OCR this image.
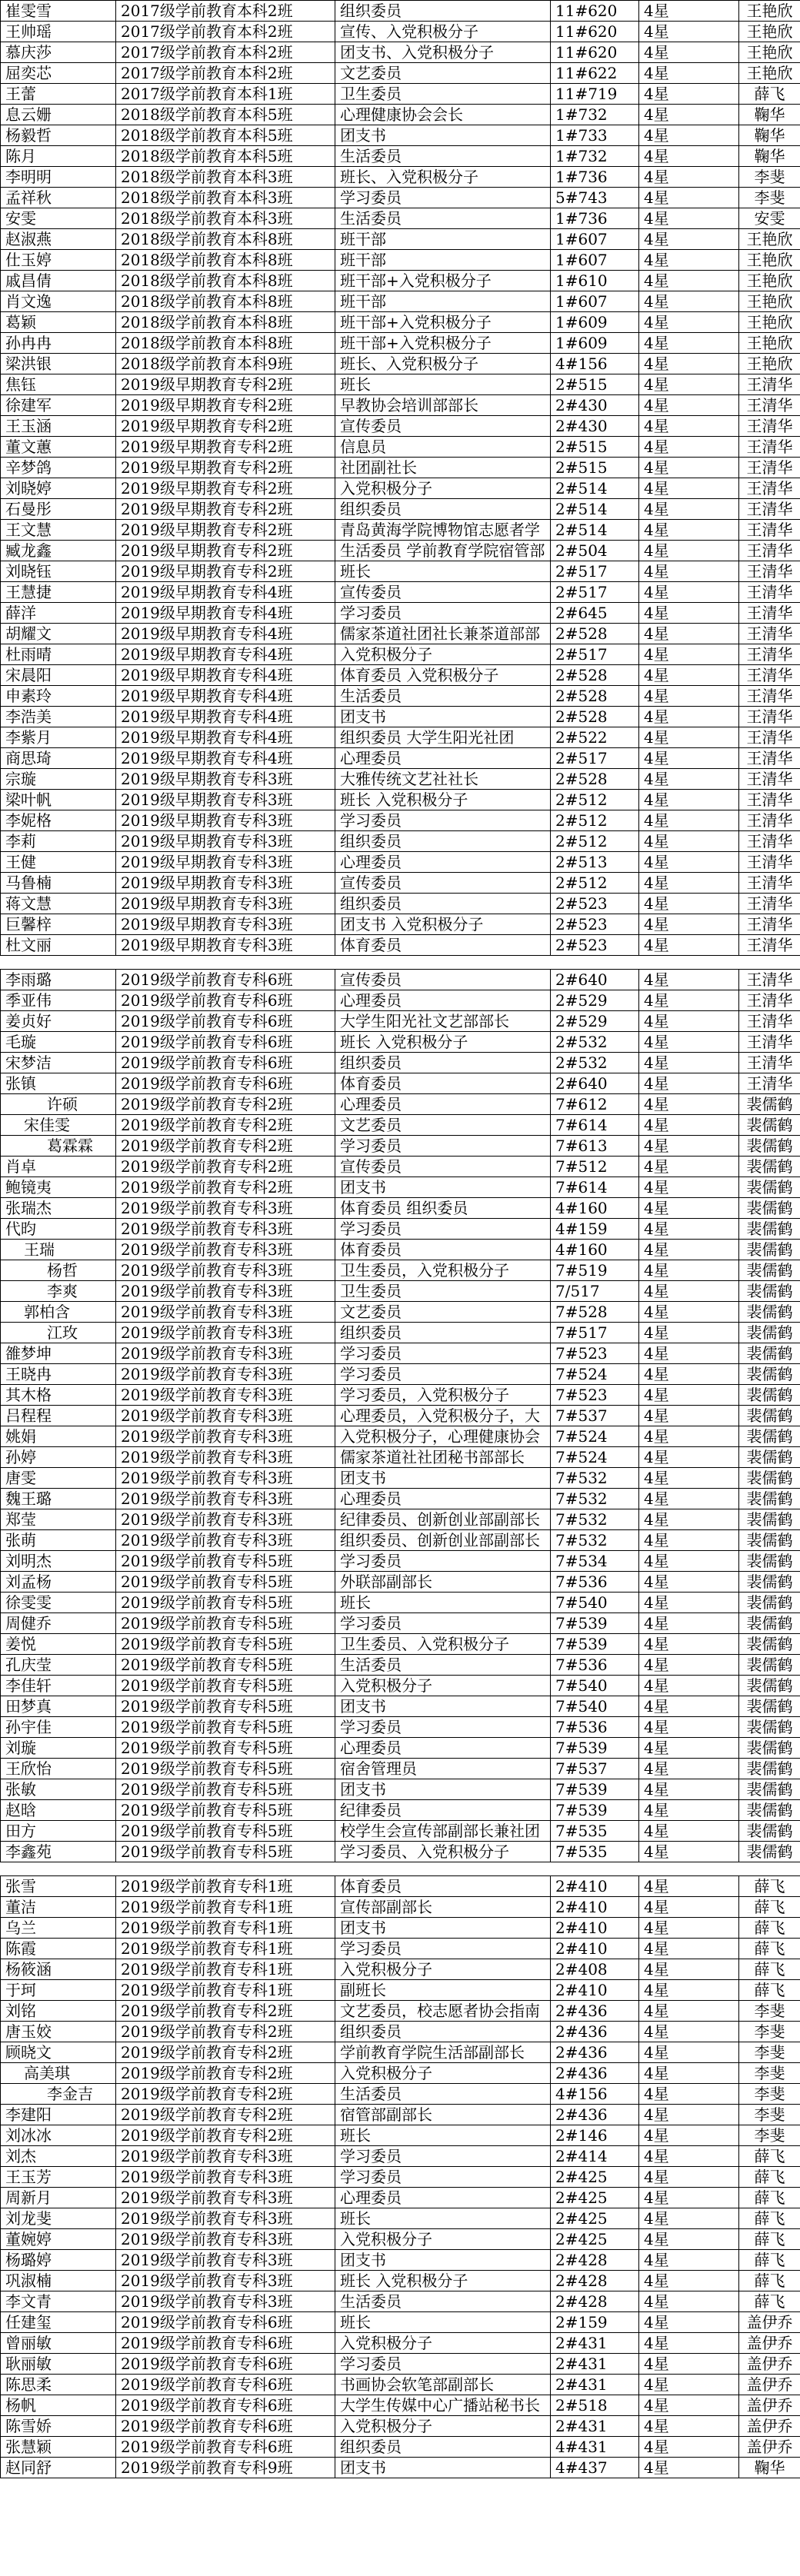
崔雯雪	2017级学前教育本科2班	组织委员	11#620	4星	王艳欣
王帅瑶	2017级学前教育本科2班	宣传、入党积极分子	11#620	4星	王艳欣
慕庆莎	2017级学前教育本科2班	团支书、入党积极分子	11#620	4星	王艳欣
屈奕芯	2017级学前教育本科2班	文艺委员	11#622	4星	王艳欣
王蕾	2017级学前教育本科1班	卫生委员	11#719	4星	薛飞
息云姗	2018级学前教育本科5班	心理健康协会会长	1#732	4星	鞠华
杨毅哲	2018级学前教育本科5班	团支书	1#733	4星	鞠华
陈月	2018级学前教育本科5班	生活委员	1#732	4星	鞠华
李明明	2018级学前教育本科3班	班长、入党积极分子	1#736	4星	李斐
孟祥秋	2018级学前教育本科3班	学习委员	5#743	4星	李斐
安雯	2018级学前教育本科3班	生活委员	1#736	4星	安雯
赵淑燕	2018级学前教育本科8班	班干部	1#607	4星	王艳欣
仕玉婷	2018级学前教育本科8班	班干部	1#607	4星	王艳欣
戚昌倩	2018级学前教育本科8班	班干部+入党积极分子	1#610	4星	王艳欣
肖文逸	2018级学前教育本科8班	班干部	1#607	4星	王艳欣
葛颖	2018级学前教育本科8班	班干部+入党积极分子	1#609	4星	王艳欣
孙冉冉	2018级学前教育本科8班	班干部+入党积极分子	1#609	4星	王艳欣
梁洪银	2018级学前教育本科9班	班长、入党积极分子	4#156	4星	王艳欣
焦钰	2019级早期教育专科2班	班长	2#515	4星	王清华
徐建军	2019级早期教育专科2班	早教协会培训部部长	2#430	4星	王清华
王玉涵	2019级早期教育专科2班	宣传委员	2#430	4星	王清华
董文蕙	2019级早期教育专科2班	信息员	2#515	4星	王清华
辛梦鸽	2019级早期教育专科2班	社团副社长	2#515	4星	王清华
刘晓婷	2019级早期教育专科2班	入党积极分子	2#514	4星	王清华
石曼彤	2019级早期教育专科2班	组织委员	2#514	4星	王清华
王文慧	2019级早期教育专科2班	青岛黄海学院博物馆志愿者学	2#514	4星	王清华
臧龙鑫	2019级早期教育专科2班	生活委员 学前教育学院宿管部	2#504	4星	王清华
刘晓钰	2019级早期教育专科2班	班长	2#517	4星	王清华
王慧捷	2019级早期教育专科4班	宣传委员	2#517	4星	王清华
薛洋	2019级早期教育专科4班	学习委员	2#645	4星	王清华
胡耀文	2019级早期教育专科4班	儒家茶道社团社长兼茶道部部	2#528	4星	王清华
杜雨晴	2019级早期教育专科4班	入党积极分子	2#517	4星	王清华
宋晨阳	2019级早期教育专科4班	体育委员 入党积极分子	2#528	4星	王清华
申素玲	2019级早期教育专科4班	生活委员	2#528	4星	王清华
李浩美	2019级早期教育专科4班	团支书	2#528	4星	王清华
李紫月	2019级早期教育专科4班	组织委员 大学生阳光社团	2#522	4星	王清华
商思琦	2019级早期教育专科4班	心理委员	2#517	4星	王清华
宗璇	2019级早期教育专科3班	大雅传统文艺社社长	2#528	4星	王清华
梁叶帆	2019级早期教育专科3班	班长 入党积极分子	2#512	4星	王清华
李妮格	2019级早期教育专科3班	学习委员	2#512	4星	王清华
李莉	2019级早期教育专科3班	组织委员	2#512	4星	王清华
王健	2019级早期教育专科3班	心理委员	2#513	4星	王清华
马鲁楠	2019级早期教育专科3班	宣传委员	2#512	4星	王清华
蒋文慧	2019级早期教育专科3班	组织委员	2#523	4星	王清华
巨馨梓	2019级早期教育专科3班	团支书 入党积极分子	2#523	4星	王清华
杜文丽	2019级早期教育专科3班	体育委员	2#523	4星	王清华

李雨璐	2019级学前教育专科6班	宣传委员	2#640	4星	王清华
季亚伟	2019级学前教育专科6班	心理委员	2#529	4星	王清华
姜贞好	2019级学前教育专科6班	大学生阳光社文艺部部长	2#529	4星	王清华
毛璇	2019级学前教育专科6班	班长 入党积极分子	2#532	4星	王清华
宋梦洁	2019级学前教育专科6班	组织委员	2#532	4星	王清华
张镇	2019级学前教育专科6班	体育委员	2#640	4星	王清华
许硕	2019级学前教育专科2班	心理委员	7#612	4星	裴儒鹤
宋佳雯	2019级学前教育专科2班	文艺委员	7#614	4星	裴儒鹤
葛霖霖	2019级学前教育专科2班	学习委员	7#613	4星	裴儒鹤
肖卓	2019级学前教育专科2班	宣传委员	7#512	4星	裴儒鹤
鲍镜夷	2019级学前教育专科2班	团支书	7#614	4星	裴儒鹤
张瑞杰	2019级学前教育专科3班	体育委员 组织委员	4#160	4星	裴儒鹤
代昀	2019级学前教育专科3班	学习委员	4#159	4星	裴儒鹤
王瑞	2019级学前教育专科3班	体育委员	4#160	4星	裴儒鹤
杨哲	2019级学前教育专科3班	卫生委员，入党积极分子	7#519	4星	裴儒鹤
李爽	2019级学前教育专科3班	卫生委员	7/517	4星	裴儒鹤
郭柏含	2019级学前教育专科3班	文艺委员	7#528	4星	裴儒鹤
江玫	2019级学前教育专科3班	组织委员	7#517	4星	裴儒鹤
雒梦坤	2019级学前教育专科3班	学习委员	7#523	4星	裴儒鹤
王晓冉	2019级学前教育专科3班	学习委员	7#524	4星	裴儒鹤
其木格	2019级学前教育专科3班	学习委员，入党积极分子	7#523	4星	裴儒鹤
吕程程	2019级学前教育专科3班	心理委员，入党积极分子，大	7#537	4星	裴儒鹤
姚娟	2019级学前教育专科3班	入党积极分子，心理健康协会	7#524	4星	裴儒鹤
孙婷	2019级学前教育专科3班	儒家茶道社社团秘书部部长	7#524	4星	裴儒鹤
唐雯	2019级学前教育专科3班	团支书	7#532	4星	裴儒鹤
魏王璐	2019级学前教育专科3班	心理委员	7#532	4星	裴儒鹤
郑莹	2019级学前教育专科3班	纪律委员、创新创业部副部长	7#532	4星	裴儒鹤
张萌	2019级学前教育专科3班	组织委员、创新创业部副部长	7#532	4星	裴儒鹤
刘明杰	2019级学前教育专科5班	学习委员	7#534	4星	裴儒鹤
刘孟杨	2019级学前教育专科5班	外联部副部长	7#536	4星	裴儒鹤
徐雯雯	2019级学前教育专科5班	班长	7#540	4星	裴儒鹤
周健乔	2019级学前教育专科5班	学习委员	7#539	4星	裴儒鹤
姜悦	2019级学前教育专科5班	卫生委员、入党积极分子	7#539	4星	裴儒鹤
孔庆莹	2019级学前教育专科5班	生活委员	7#536	4星	裴儒鹤
李佳轩	2019级学前教育专科5班	入党积极分子	7#540	4星	裴儒鹤
田梦真	2019级学前教育专科5班	团支书	7#540	4星	裴儒鹤
孙宇佳	2019级学前教育专科5班	学习委员	7#536	4星	裴儒鹤
刘璇	2019级学前教育专科5班	心理委员	7#539	4星	裴儒鹤
王欣怡	2019级学前教育专科5班	宿舍管理员	7#537	4星	裴儒鹤
张敏	2019级学前教育专科5班	团支书	7#539	4星	裴儒鹤
赵晗	2019级学前教育专科5班	纪律委员	7#539	4星	裴儒鹤
田方	2019级学前教育专科5班	校学生会宣传部副部长兼社团	7#535	4星	裴儒鹤
李鑫苑	2019级学前教育专科5班	学习委员、入党积极分子	7#535	4星	裴儒鹤

张雪	2019级学前教育专科1班	体育委员	2#410	4星	薛飞
董洁	2019级学前教育专科1班	宣传部副部长	2#410	4星	薛飞
乌兰	2019级学前教育专科1班	团支书	2#410	4星	薛飞
陈霞	2019级学前教育专科1班	学习委员	2#410	4星	薛飞
杨筱涵	2019级学前教育专科1班	入党积极分子	2#408	4星	薛飞
于珂	2019级学前教育专科1班	副班长	2#410	4星	薛飞
刘铭	2019级学前教育专科2班	文艺委员，校志愿者协会指南	2#436	4星	李斐
唐玉姣	2019级学前教育专科2班	组织委员	2#436	4星	李斐
顾晓文	2019级学前教育专科2班	学前教育学院生活部副部长	2#436	4星	李斐
高美琪	2019级学前教育专科2班	入党积极分子	2#436	4星	李斐
李金吉	2019级学前教育专科2班	生活委员	4#156	4星	李斐
李建阳	2019级学前教育专科2班	宿管部副部长	2#436	4星	李斐
刘冰冰	2019级学前教育专科2班	班长	2#146	4星	李斐
刘杰	2019级学前教育专科3班	学习委员	2#414	4星	薛飞
王玉芳	2019级学前教育专科3班	学习委员	2#425	4星	薛飞
周新月	2019级学前教育专科3班	心理委员	2#425	4星	薛飞
刘龙斐	2019级学前教育专科3班	班长	2#425	4星	薛飞
董婉婷	2019级学前教育专科3班	入党积极分子	2#425	4星	薛飞
杨璐婷	2019级学前教育专科3班	团支书	2#428	4星	薛飞
巩淑楠	2019级学前教育专科3班	班长 入党积极分子	2#428	4星	薛飞
李文青	2019级学前教育专科3班	生活委员	2#428	4星	薛飞
任建玺	2019级学前教育专科6班	班长	2#159	4星	盖伊乔
曾丽敏	2019级学前教育专科6班	入党积极分子	2#431	4星	盖伊乔
耿丽敏	2019级学前教育专科6班	学习委员	2#431	4星	盖伊乔
陈思柔	2019级学前教育专科6班	书画协会软笔部副部长	2#431	4星	盖伊乔
杨帆	2019级学前教育专科6班	大学生传媒中心广播站秘书长	2#518	4星	盖伊乔
陈雪娇	2019级学前教育专科6班	入党积极分子	2#431	4星	盖伊乔
张慧颖	2019级学前教育专科6班	组织委员	4#431	4星	盖伊乔
赵同舒	2019级学前教育专科9班	团支书	4#437	4星	鞠华
